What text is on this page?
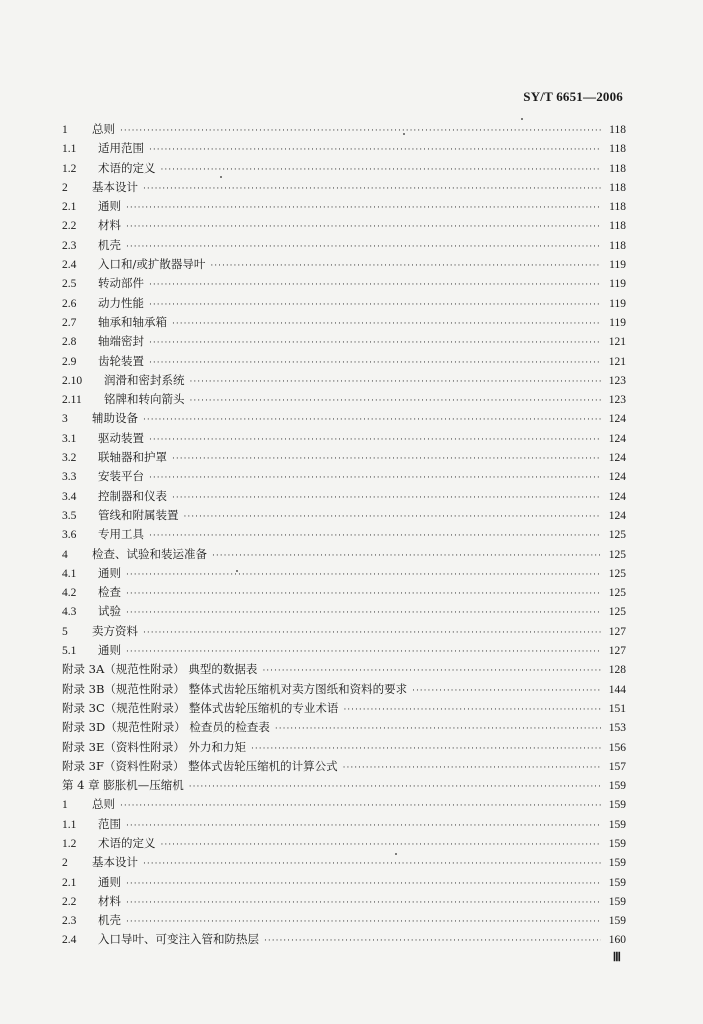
SY/T 6651—2006
1	总则 ·····	118
1.1	适用范围 ·····	118
1.2	术语的定义 ·····	118
2	基本设计 ·····	118
2.1	通则 ·····	118
2.2	材料 ·····	118
2.3	机壳 ·····	118
2.4	入口和/或扩散器导叶 ·····	119
2.5	转动部件 ·····	119
2.6	动力性能 ·····	119
2.7	轴承和轴承箱 ·····	119
2.8	轴端密封 ·····	121
2.9	齿轮装置 ·····	121
2.10	润滑和密封系统 ·····	123
2.11	铭牌和转向箭头 ·····	123
3	辅助设备 ·····	124
3.1	驱动装置 ·····	124
3.2	联轴器和护罩 ·····	124
3.3	安装平台 ·····	124
3.4	控制器和仪表 ·····	124
3.5	管线和附属装置 ·····	124
3.6	专用工具 ·····	125
4	检查、试验和装运准备 ·····	125
4.1	通则 ·····	125
4.2	检查 ·····	125
4.3	试验 ·····	125
5	卖方资料 ·····	127
5.1	通则 ·····	127
附录 3A（规范性附录） 典型的数据表 ·····	128
附录 3B（规范性附录） 整体式齿轮压缩机对卖方图纸和资料的要求 ·····	144
附录 3C（规范性附录） 整体式齿轮压缩机的专业术语 ·····	151
附录 3D（规范性附录） 检查员的检查表 ·····	153
附录 3E（资料性附录） 外力和力矩 ·····	156
附录 3F（资料性附录） 整体式齿轮压缩机的计算公式 ·····	157
第 4 章 膨胀机—压缩机 ·····	159
1	总则 ·····	159
1.1	范围 ·····	159
1.2	术语的定义 ·····	159
2	基本设计 ·····	159
2.1	通则 ·····	159
2.2	材料 ·····	159
2.3	机壳 ·····	159
2.4	入口导叶、可变注入管和防热层 ·····	160
Ⅲ
